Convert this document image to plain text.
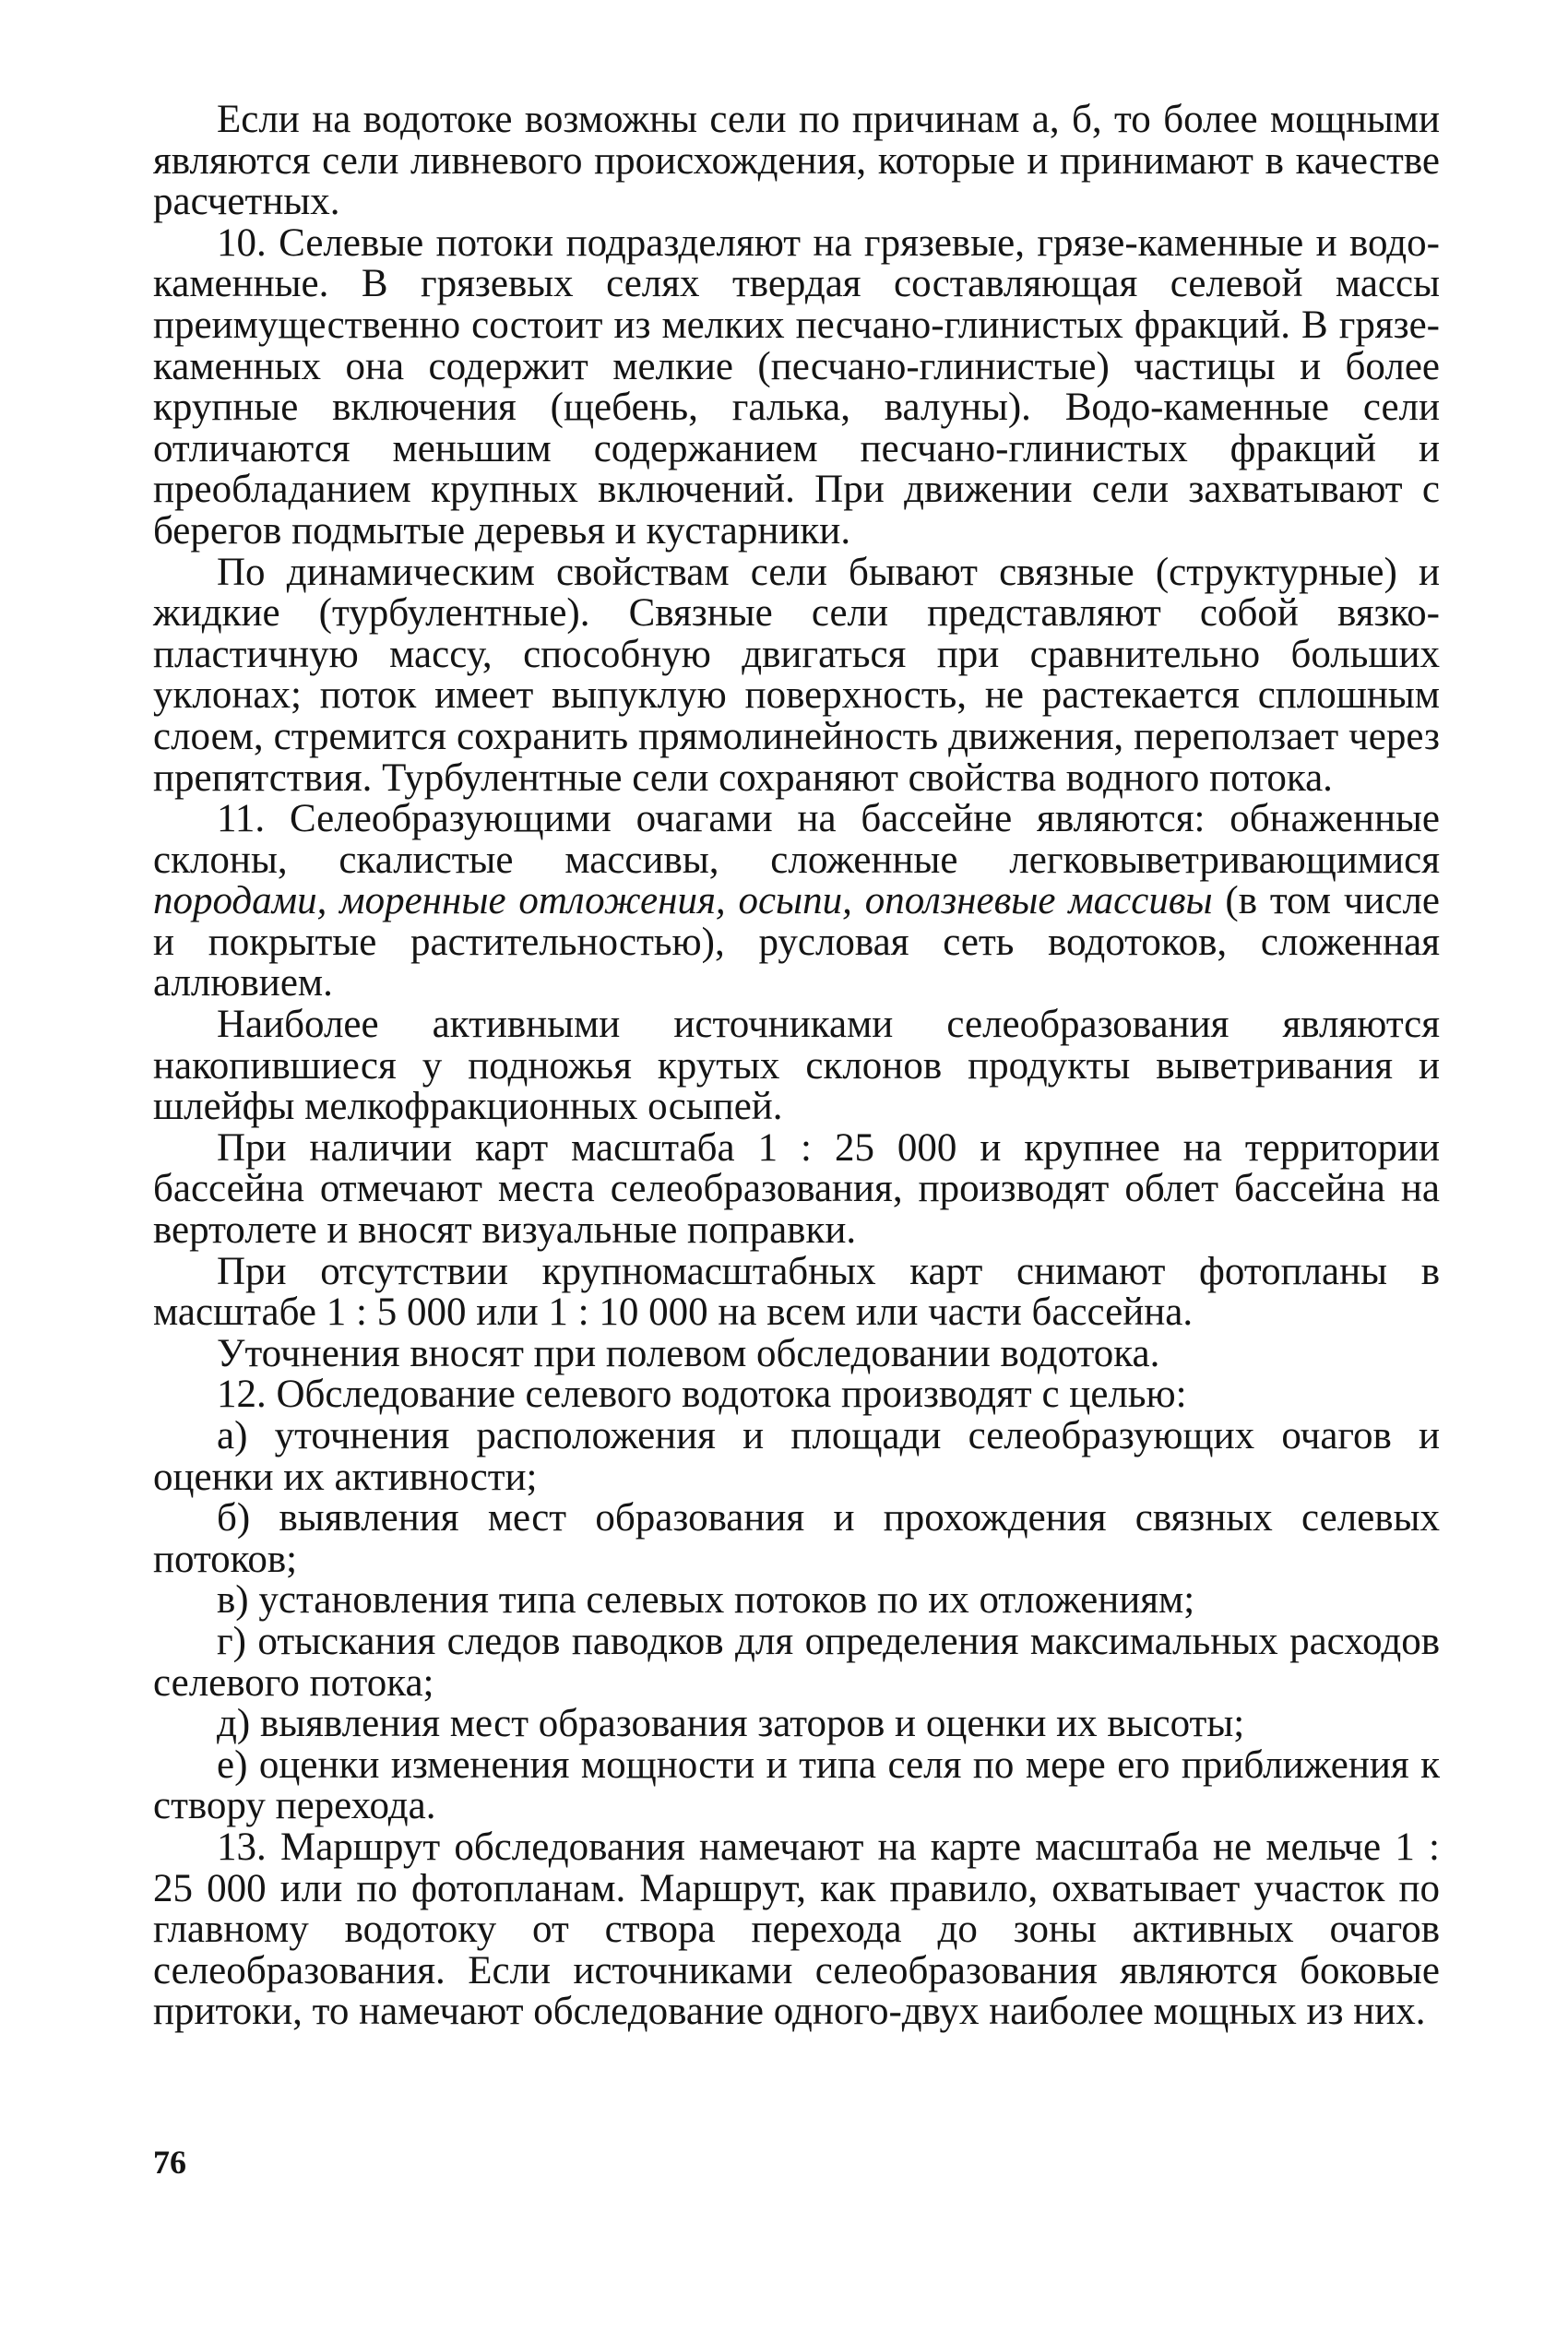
Если на водотоке возможны сели по причинам а, б, то более мощными являются сели ливневого происхождения, которые и принимают в качестве расчетных.

10. Селевые потоки подразделяют на грязевые, грязе-каменные и водо-каменные. В грязевых селях твердая составляющая селевой массы преимущественно состоит из мелких песчано-глинистых фракций. В грязе-каменных она содержит мелкие (песчано-глинистые) частицы и более крупные включения (щебень, галька, валуны). Водо-каменные сели отличаются меньшим содержанием песчано-глинистых фракций и преобладанием крупных включений. При движении сели захватывают с берегов подмытые деревья и кустарники.

По динамическим свойствам сели бывают связные (структурные) и жидкие (турбулентные). Связные сели представляют собой вязко-пластичную массу, способную двигаться при сравнительно больших уклонах; поток имеет выпуклую поверхность, не растекается сплошным слоем, стремится сохранить прямолинейность движения, переползает через препятствия. Турбулентные сели сохраняют свойства водного потока.

11. Селеобразующими очагами на бассейне являются: обнаженные склоны, скалистые массивы, сложенные легковыветривающимися породами, моренные отложения, осыпи, оползневые массивы (в том числе и покрытые растительностью), русловая сеть водотоков, сложенная аллювием.

Наиболее активными источниками селеобразования являются накопившиеся у подножья крутых склонов продукты выветривания и шлейфы мелкофракционных осыпей.

При наличии карт масштаба 1 : 25 000 и крупнее на территории бассейна отмечают места селеобразования, производят облет бассейна на вертолете и вносят визуальные поправки.

При отсутствии крупномасштабных карт снимают фотопланы в масштабе 1 : 5 000 или 1 : 10 000 на всем или части бассейна.

Уточнения вносят при полевом обследовании водотока.

12. Обследование селевого водотока производят с целью:

а) уточнения расположения и площади селеобразующих очагов и оценки их активности;

б) выявления мест образования и прохождения связных селевых потоков;

в) установления типа селевых потоков по их отложениям;

г) отыскания следов паводков для определения максимальных расходов селевого потока;

д) выявления мест образования заторов и оценки их высоты;

е) оценки изменения мощности и типа селя по мере его приближения к створу перехода.

13. Маршрут обследования намечают на карте масштаба не мельче 1 : 25 000 или по фотопланам. Маршрут, как правило, охватывает участок по главному водотоку от створа перехода до зоны активных очагов селеобразования. Если источниками селеобразования являются боковые притоки, то намечают обследование одного-двух наиболее мощных из них.

76
